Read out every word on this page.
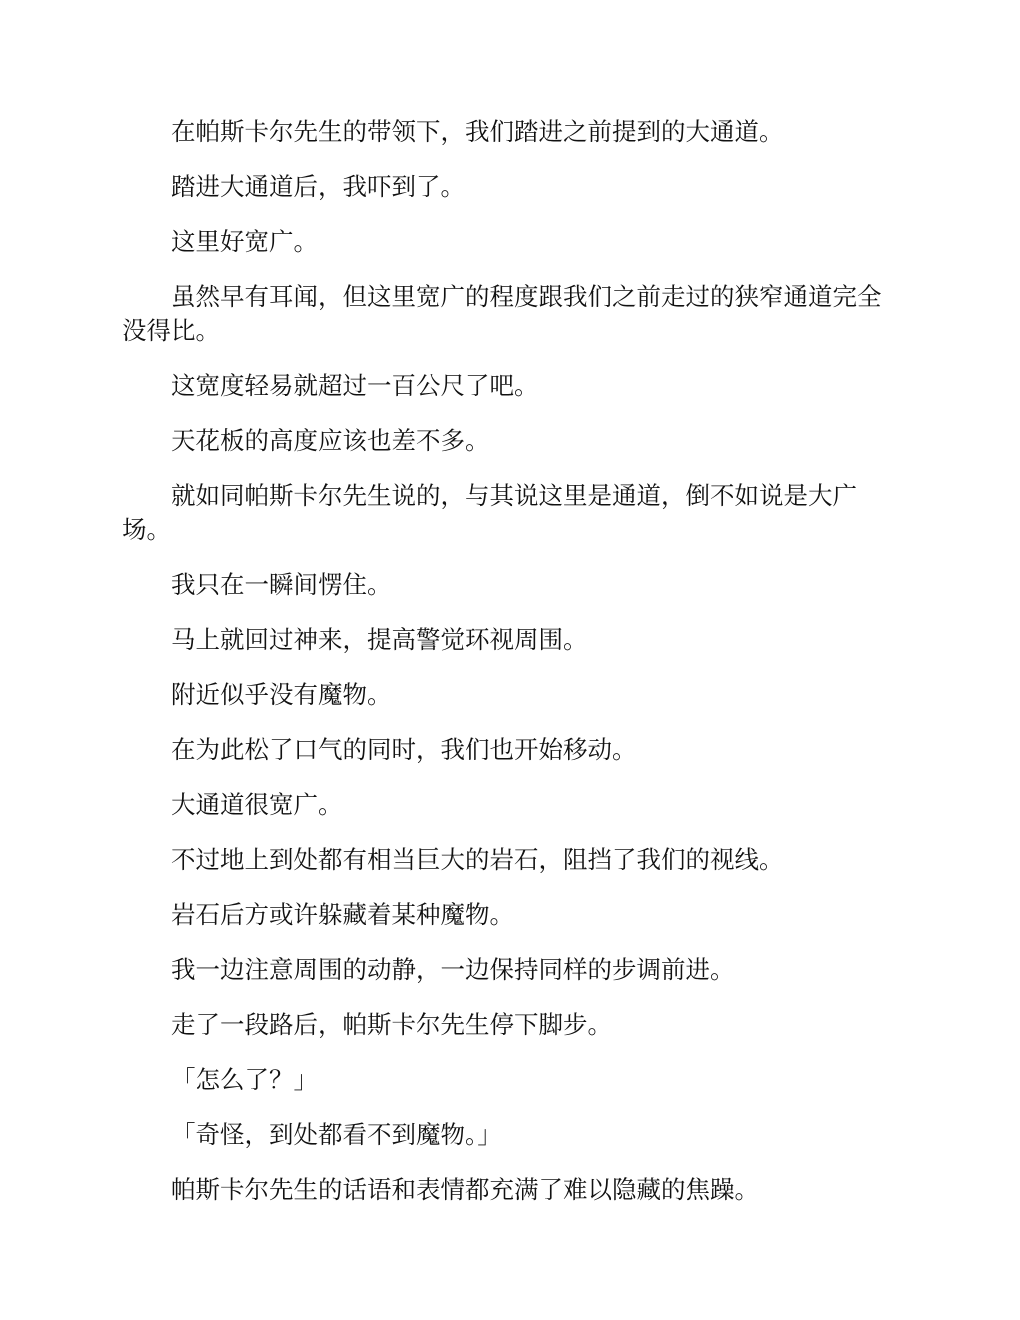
在帕斯卡尔先生的带领下，我们踏进之前提到的大通道。

踏进大通道后，我吓到了。

这里好宽广。

虽然早有耳闻，但这里宽广的程度跟我们之前走过的狭窄通道完全没得比。

这宽度轻易就超过一百公尺了吧。

天花板的高度应该也差不多。

就如同帕斯卡尔先生说的，与其说这里是通道，倒不如说是大广场。

我只在一瞬间愣住。

马上就回过神来，提高警觉环视周围。

附近似乎没有魔物。

在为此松了口气的同时，我们也开始移动。

大通道很宽广。

不过地上到处都有相当巨大的岩石，阻挡了我们的视线。

岩石后方或许躲藏着某种魔物。

我一边注意周围的动静，一边保持同样的步调前进。

走了一段路后，帕斯卡尔先生停下脚步。

「怎么了？」

「奇怪，到处都看不到魔物。」

帕斯卡尔先生的话语和表情都充满了难以隐藏的焦躁。
